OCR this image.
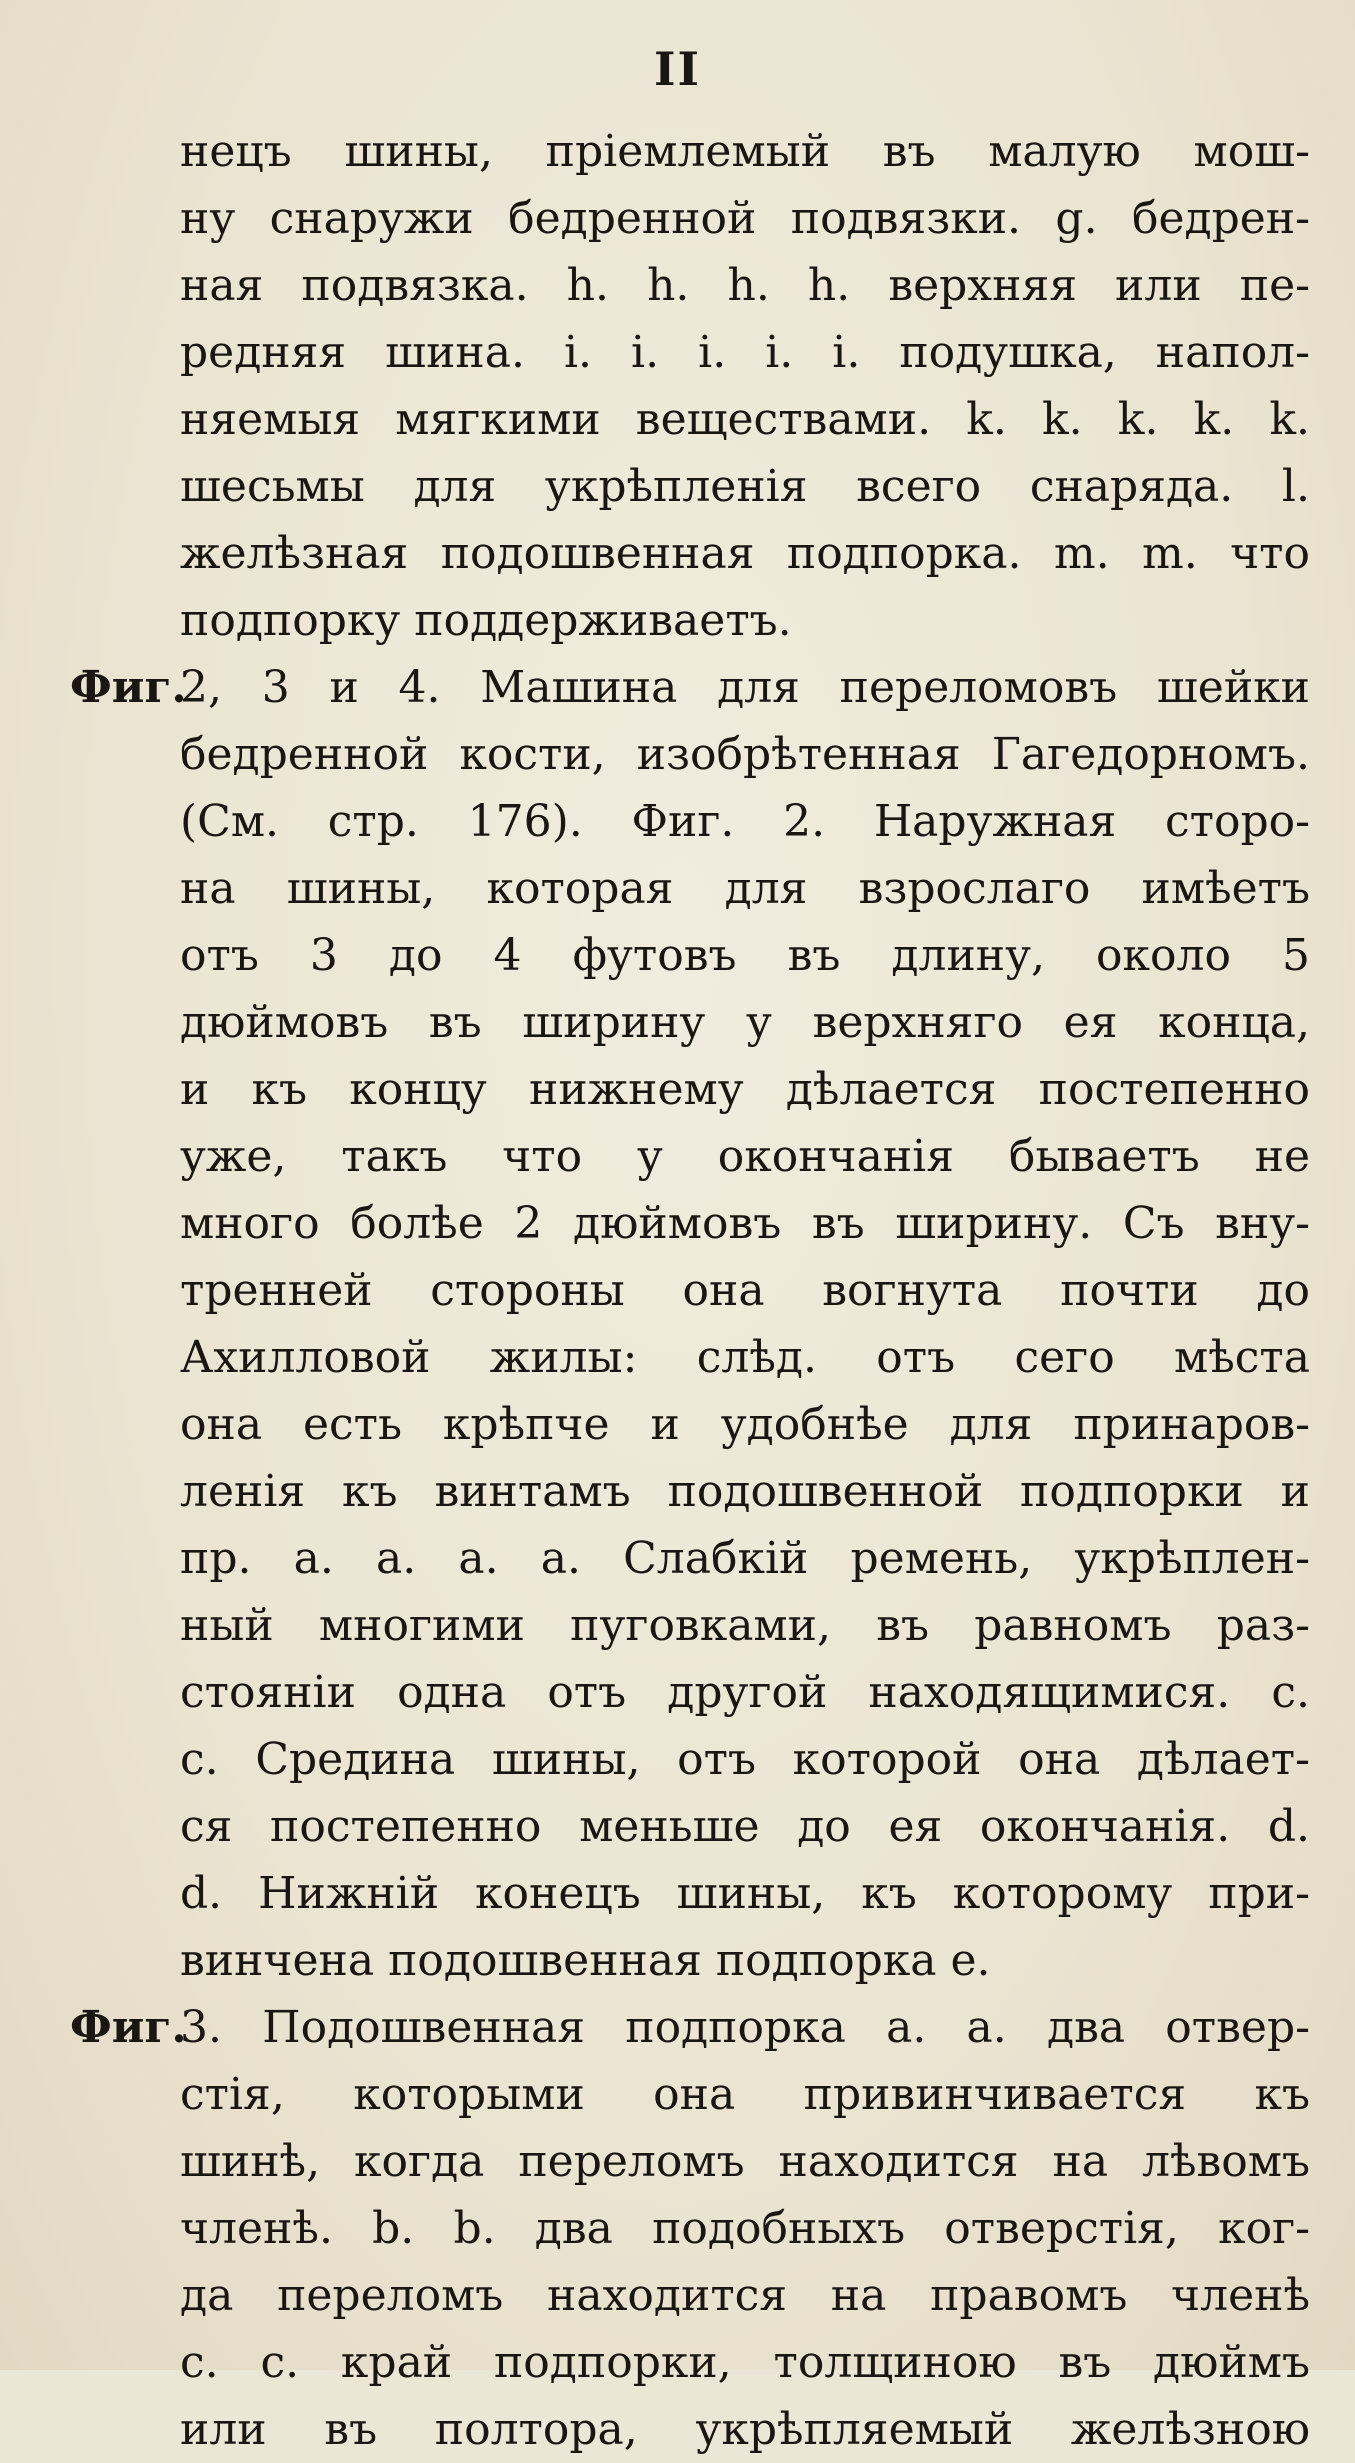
II
нецъ шины, пріемлемый въ малую мош-
ну снаружи бедренной подвязки. g. бедрен-
ная подвязка. h. h. h. h. верхняя или пе-
редняя шина. i. i. i. i. i. подушка, напол-
няемыя мягкими веществами. k. k. k. k. k.
шесьмы для укрѣпленія всего снаряда. l.
желѣзная подошвенная подпорка. m. m. что
подпорку поддерживаетъ.
Фиг.2, 3 и 4. Машина для переломовъ шейки
бедренной кости, изобрѣтенная Гагедорномъ.
(См. стр. 176). Фиг. 2. Наружная сторо-
на шины, которая для взрослаго имѣетъ
отъ 3 до 4 футовъ въ длину, около 5
дюймовъ въ ширину у верхняго ея конца,
и къ концу нижнему дѣлается постепенно
уже, такъ что у окончанія бываетъ не
много болѣе 2 дюймовъ въ ширину. Съ вну-
тренней стороны она вогнута почти до
Ахилловой жилы: слѣд. отъ сего мѣста
она есть крѣпче и удобнѣе для принаров-
ленія къ винтамъ подошвенной подпорки и
пр. a. a. a. a. Слабкій ремень, укрѣплен-
ный многими пуговками, въ равномъ раз-
стояніи одна отъ другой находящимися. c.
c. Средина шины, отъ которой она дѣлает-
ся постепенно меньше до ея окончанія. d.
d. Нижній конецъ шины, къ которому при-
винчена подошвенная подпорка e.
Фиг.3. Подошвенная подпорка a. a. два отвер-
стія, которыми она привинчивается къ
шинѣ, когда переломъ находится на лѣвомъ
членѣ. b. b. два подобныхъ отверстія, ког-
да переломъ находится на правомъ членѣ
c. c. край подпорки, толщиною въ дюймъ
или въ полтора, укрѣпляемый желѣзною
